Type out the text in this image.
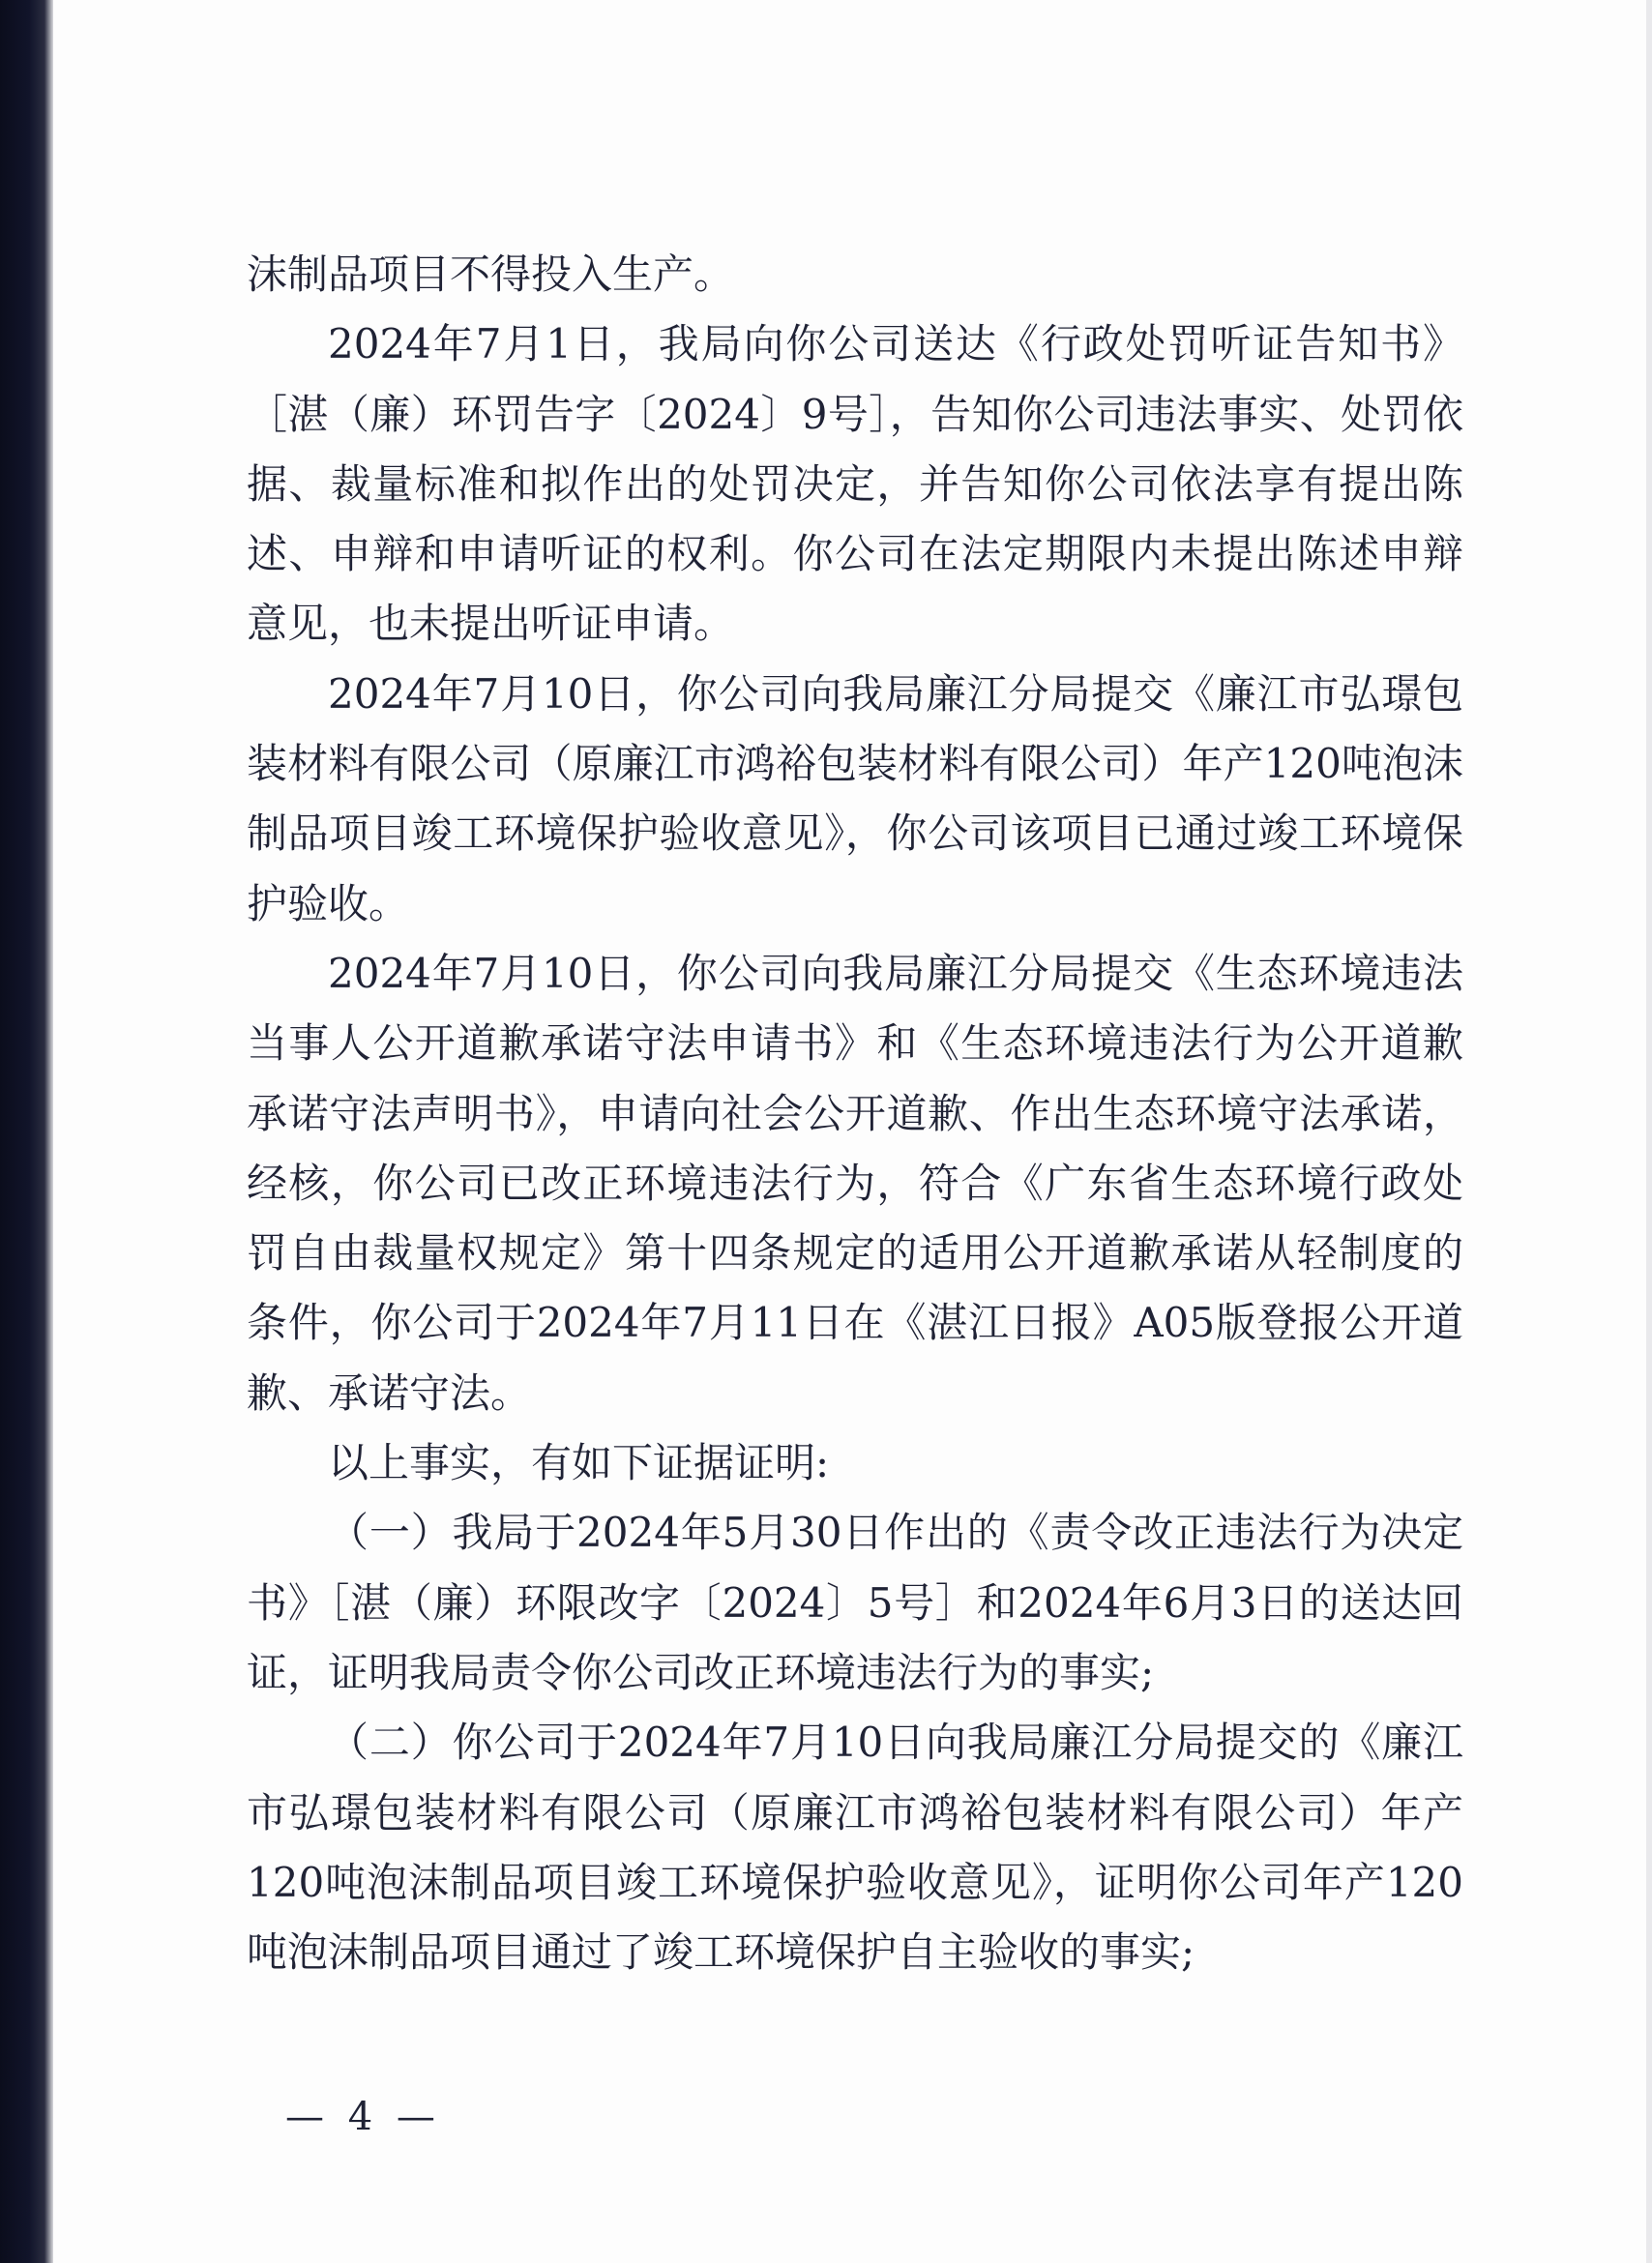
沫制品项目不得投入生产。

2024年7月1日，我局向你公司送达《行政处罚听证告知书》［湛（廉）环罚告字〔2024〕9号］，告知你公司违法事实、处罚依据、裁量标准和拟作出的处罚决定，并告知你公司依法享有提出陈述、申辩和申请听证的权利。你公司在法定期限内未提出陈述申辩意见，也未提出听证申请。

2024年7月10日，你公司向我局廉江分局提交《廉江市弘璟包装材料有限公司（原廉江市鸿裕包装材料有限公司）年产120吨泡沫制品项目竣工环境保护验收意见》，你公司该项目已通过竣工环境保护验收。

2024年7月10日，你公司向我局廉江分局提交《生态环境违法当事人公开道歉承诺守法申请书》和《生态环境违法行为公开道歉承诺守法声明书》，申请向社会公开道歉、作出生态环境守法承诺，经核，你公司已改正环境违法行为，符合《广东省生态环境行政处罚自由裁量权规定》第十四条规定的适用公开道歉承诺从轻制度的条件，你公司于2024年7月11日在《湛江日报》A05版登报公开道歉、承诺守法。

以上事实，有如下证据证明:

（一）我局于2024年5月30日作出的《责令改正违法行为决定书》［湛（廉）环限改字〔2024〕5号］和2024年6月3日的送达回证，证明我局责令你公司改正环境违法行为的事实;

（二）你公司于2024年7月10日向我局廉江分局提交的《廉江市弘璟包装材料有限公司（原廉江市鸿裕包装材料有限公司）年产120吨泡沫制品项目竣工环境保护验收意见》，证明你公司年产120吨泡沫制品项目通过了竣工环境保护自主验收的事实;

— 4 —
